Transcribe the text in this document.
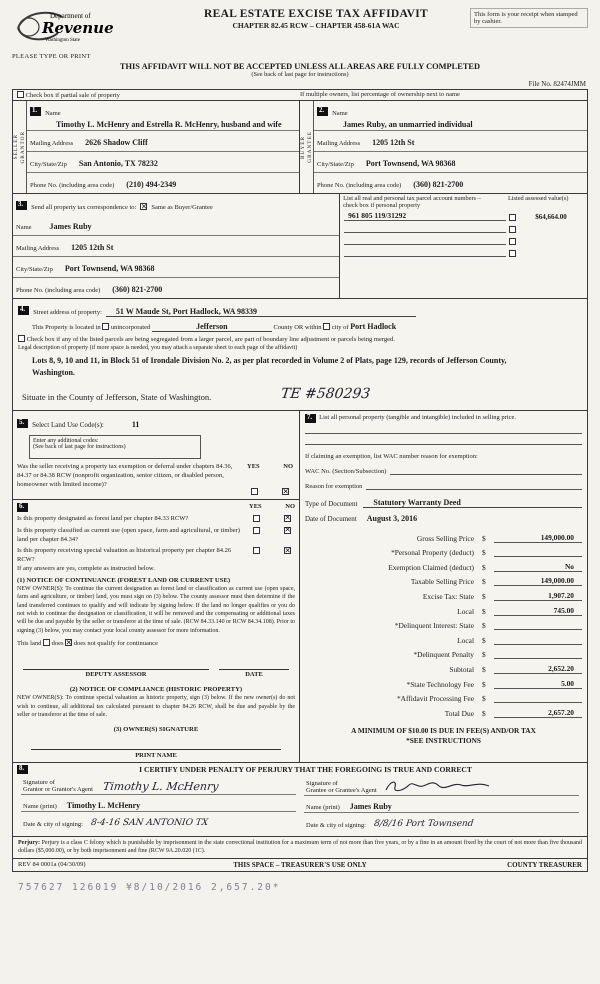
Department of
Revenue
Washington State
PLEASE TYPE OR PRINT
REAL ESTATE EXCISE TAX AFFIDAVIT
CHAPTER 82.45 RCW – CHAPTER 458-61A WAC
This form is your receipt when stamped by cashier.
THIS AFFIDAVIT WILL NOT BE ACCEPTED UNLESS ALL AREAS ARE FULLY COMPLETED
(See back of last page for instructions)
File No. 82474JMM
Check box if partial sale of property	If multiple owners, list percentage of ownership next to name
SELLER GRANTOR
1. Name
Timothy L. McHenry and Estrella R. McHenry, husband and wife
Mailing Address 2626 Shadow Cliff
City/State/Zip San Antonio, TX 78232
Phone No. (including area code) (210) 494-2349
BUYER GRANTEE
2. Name
James Ruby, an unmarried individual
Mailing Address 1205 12th St
City/State/Zip Port Townsend, WA 98368
Phone No. (including area code) (360) 821-2700
3. Send all property tax correspondence to: ✕ Same as Buyer/Grantee
Name James Ruby
Mailing Address 1205 12th St
City/State/Zip Port Townsend, WA 98368
Phone No. (including area code) (360) 821-2700
List all real and personal tax parcel account numbers – check box if personal property
Listed assessed value(s)
961 805 119/31292	$64,664.00
4. Street address of property: 51 W Maude St, Port Hadlock, WA 98339
This Property is located in unincorporated	Jefferson	County OR within city of Port Hadlock
Check box if any of the listed parcels are being segregated from a larger parcel, are part of boundary line adjustment or parcels being merged.
Legal description of property (if more space is needed, you may attach a separate sheet to each page of the affidavit)
Lots 8, 9, 10 and 11, in Block 51 of Irondale Division No. 2, as per plat recorded in Volume 2 of Plats, page 129, records of Jefferson County, Washington.
Situate in the County of Jefferson, State of Washington.	TE #580293
5. Select Land Use Code(s):	11
Enter any additional codes:
(See back of last page for instructions)
Was the seller receiving a property tax exemption or deferral under chapters 84.36, 84.37 or 84.38 RCW (nonprofit organization, senior citizen, or disabled person, homeowner with limited income)?
YES	NO
✕
6.	YES	NO
Is this property designated as forest land per chapter 84.33 RCW?
✕
Is this property classified as current use (open space, farm and agricultural, or timber) land per chapter 84.34?
✕
Is this property receiving special valuation as historical property per chapter 84.26 RCW?
✕
If any answers are yes, complete as instructed below.
(1) NOTICE OF CONTINUANCE (FOREST LAND OR CURRENT USE)
NEW OWNER(S): To continue the current designation as forest land or classification as current use (open space, farm and agriculture, or timber) land, you must sign on (3) below. The county assessor must then determine if the land transferred continues to qualify and will indicate by signing below. If the land no longer qualifies or you do not wish to continue the designation or classification, it will be removed and the compensating or additional taxes will be due and payable by the seller or transferor at the time of sale. (RCW 84.33.140 or RCW 84.34.108). Prior to signing (3) below, you may contact your local county assessor for more information.
This land does ✕ does not qualify for continuance
DEPUTY ASSESSOR	DATE
(2) NOTICE OF COMPLIANCE (HISTORIC PROPERTY)
NEW OWNER(S): To continue special valuation as historic property, sign (3) below. If the new owner(s) do not wish to continue, all additional tax calculated pursuant to chapter 84.26 RCW, shall be due and payable by the seller or transferor at the time of sale.
(3) OWNER(S) SIGNATURE
PRINT NAME
7.	List all personal property (tangible and intangible) included in selling price.
If claiming an exemption, list WAC number reason for exemption:
WAC No. (Section/Subsection)
Reason for exemption
Type of Document	Statutory Warranty Deed
Date of Document August 3, 2016
Gross Selling Price $	149,000.00
*Personal Property (deduct) $
Exemption Claimed (deduct) $	No
Taxable Selling Price $	149,000.00
Excise Tax: State $	1,907.20
Local $	745.00
*Delinquent Interest: State $
Local $
*Delinquent Penalty $
Subtotal $	2,652.20
*State Technology Fee $	5.00
*Affidavit Processing Fee $
Total Due $	2,657.20
A MINIMUM OF $10.00 IS DUE IN FEE(S) AND/OR TAX
*SEE INSTRUCTIONS
8.	I CERTIFY UNDER PENALTY OF PERJURY THAT THE FOREGOING IS TRUE AND CORRECT
Signature of
Grantor or Grantor's Agent Timothy L. McHenry
Name (print) Timothy L. McHenry
Date & city of signing: 8-4-16 SAN ANTONIO TX
Signature of
Grantee or Grantee's Agent
Name (print) James Ruby
Date & city of signing: 8/8/16 Port Townsend
Perjury: Perjury is a class C felony which is punishable by imprisonment in the state correctional institution for a maximum term of not more than five years, or by a fine in an amount fixed by the court of not more than five thousand dollars ($5,000.00), or by both imprisonment and fine (RCW 9A.20.020 (1C).
REV 84 0001a (04/30/09)	THIS SPACE – TREASURER'S USE ONLY	COUNTY TREASURER
757627 126019 ¥8/10/2016 2,657.20*
